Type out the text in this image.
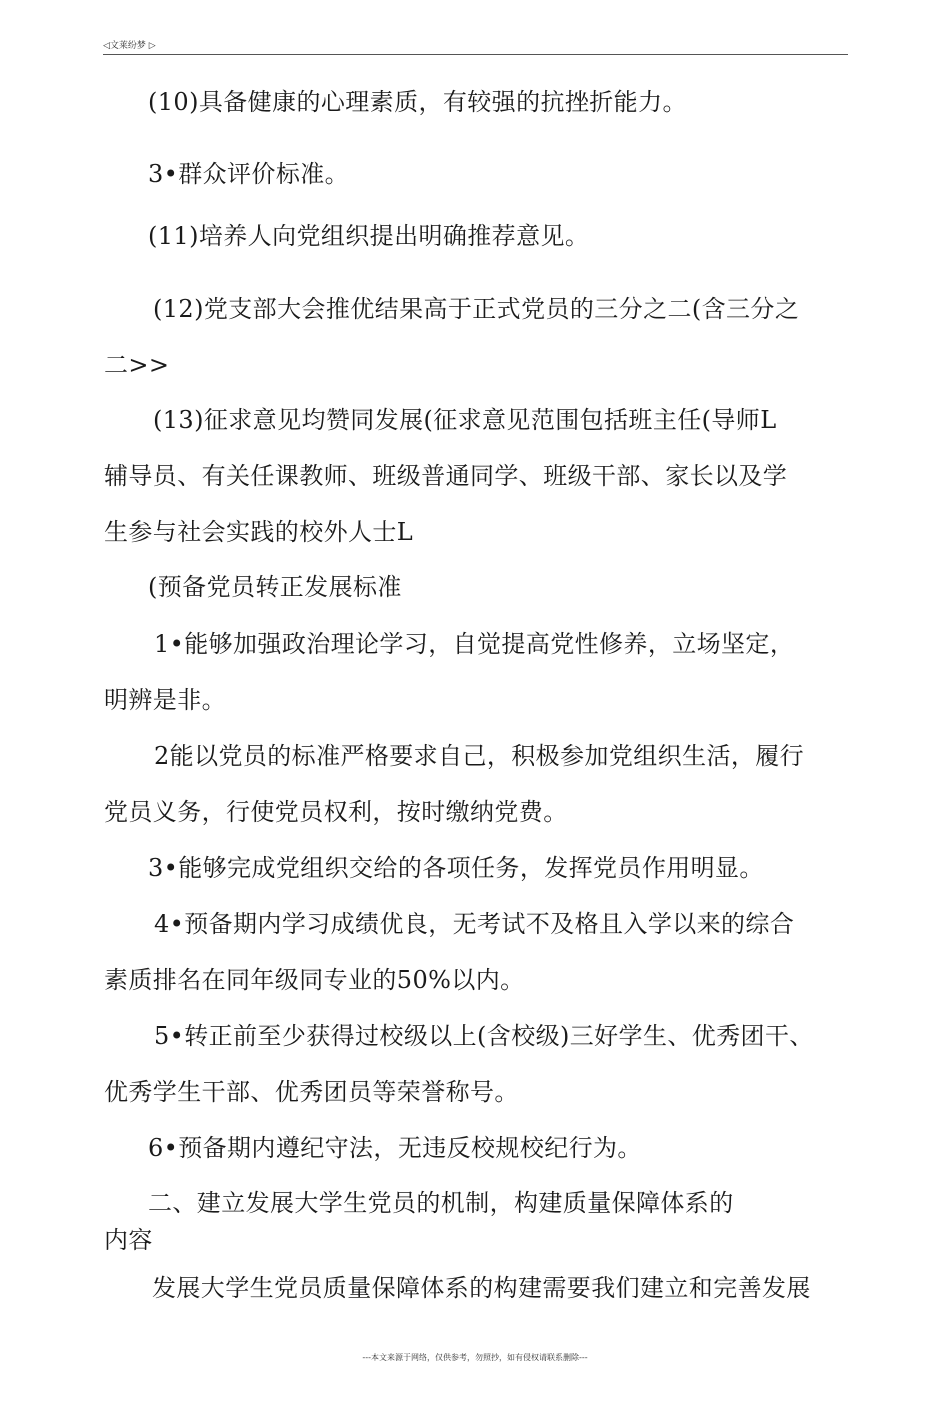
◁文莱纷梦 ▷
(10)具备健康的心理素质，有较强的抗挫折能力。
3•群众评价标准。
(11)培养人向党组织提出明确推荐意见。
(12)党支部大会推优结果高于正式党员的三分之二(含三分之
二>>
(13)征求意见均赞同发展(征求意见范围包括班主任(导师L
辅导员、有关任课教师、班级普通同学、班级干部、家长以及学
生参与社会实践的校外人士L
(预备党员转正发展标准
1•能够加强政治理论学习，自觉提高党性修养，立场坚定，
明辨是非。
2能以党员的标准严格要求自己，积极参加党组织生活，履行
党员义务，行使党员权利，按时缴纳党费。
3•能够完成党组织交给的各项任务，发挥党员作用明显。
4•预备期内学习成绩优良，无考试不及格且入学以来的综合
素质排名在同年级同专业的50%以内。
5•转正前至少获得过校级以上(含校级)三好学生、优秀团干、
优秀学生干部、优秀团员等荣誉称号。
6•预备期内遵纪守法，无违反校规校纪行为。
二、建立发展大学生党员的机制，构建质量保障体系的
内容
发展大学生党员质量保障体系的构建需要我们建立和完善发展
---本文来源于网络，仅供参考，勿照抄，如有侵权请联系删除---
